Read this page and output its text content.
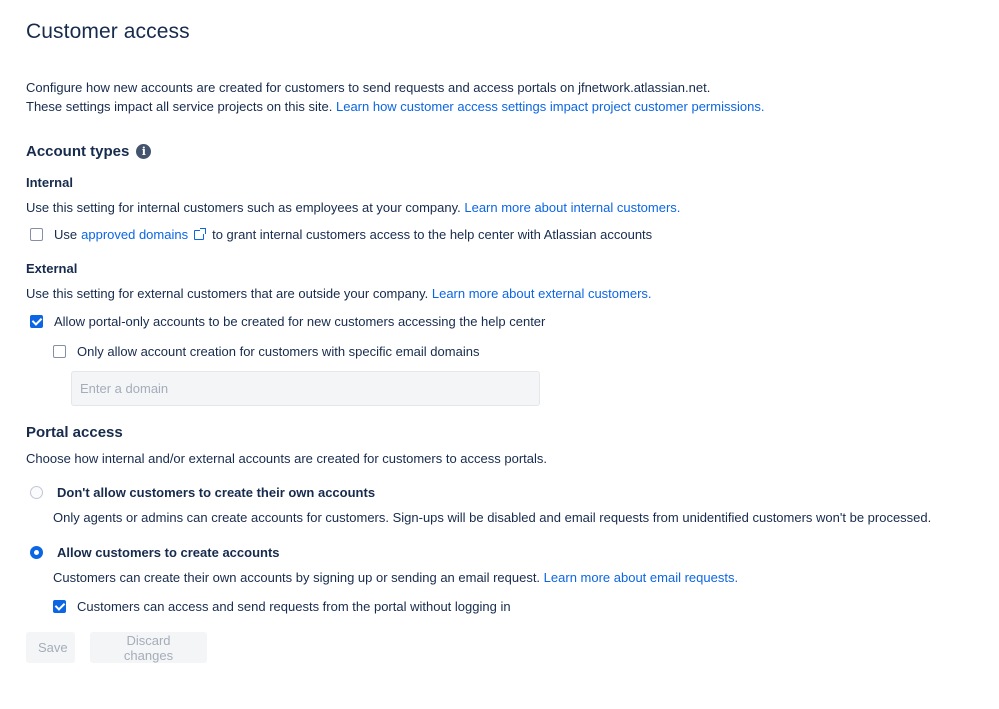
Customer access
Configure how new accounts are created for customers to send requests and access portals on jfnetwork.atlassian.net.
These settings impact all service projects on this site. Learn how customer access settings impact project customer permissions.
Account types	i
Internal
Use this setting for internal customers such as employees at your company. Learn more about internal customers.
Use approved domains to grant internal customers access to the help center with Atlassian accounts
External
Use this setting for external customers that are outside your company. Learn more about external customers.
Allow portal-only accounts to be created for new customers accessing the help center
Only allow account creation for customers with specific email domains
Enter a domain
Portal access
Choose how internal and/or external accounts are created for customers to access portals.
Don't allow customers to create their own accounts
Only agents or admins can create accounts for customers. Sign-ups will be disabled and email requests from unidentified customers won't be processed.
Allow customers to create accounts
Customers can create their own accounts by signing up or sending an email request. Learn more about email requests.
Customers can access and send requests from the portal without logging in
Save	Discard changes
